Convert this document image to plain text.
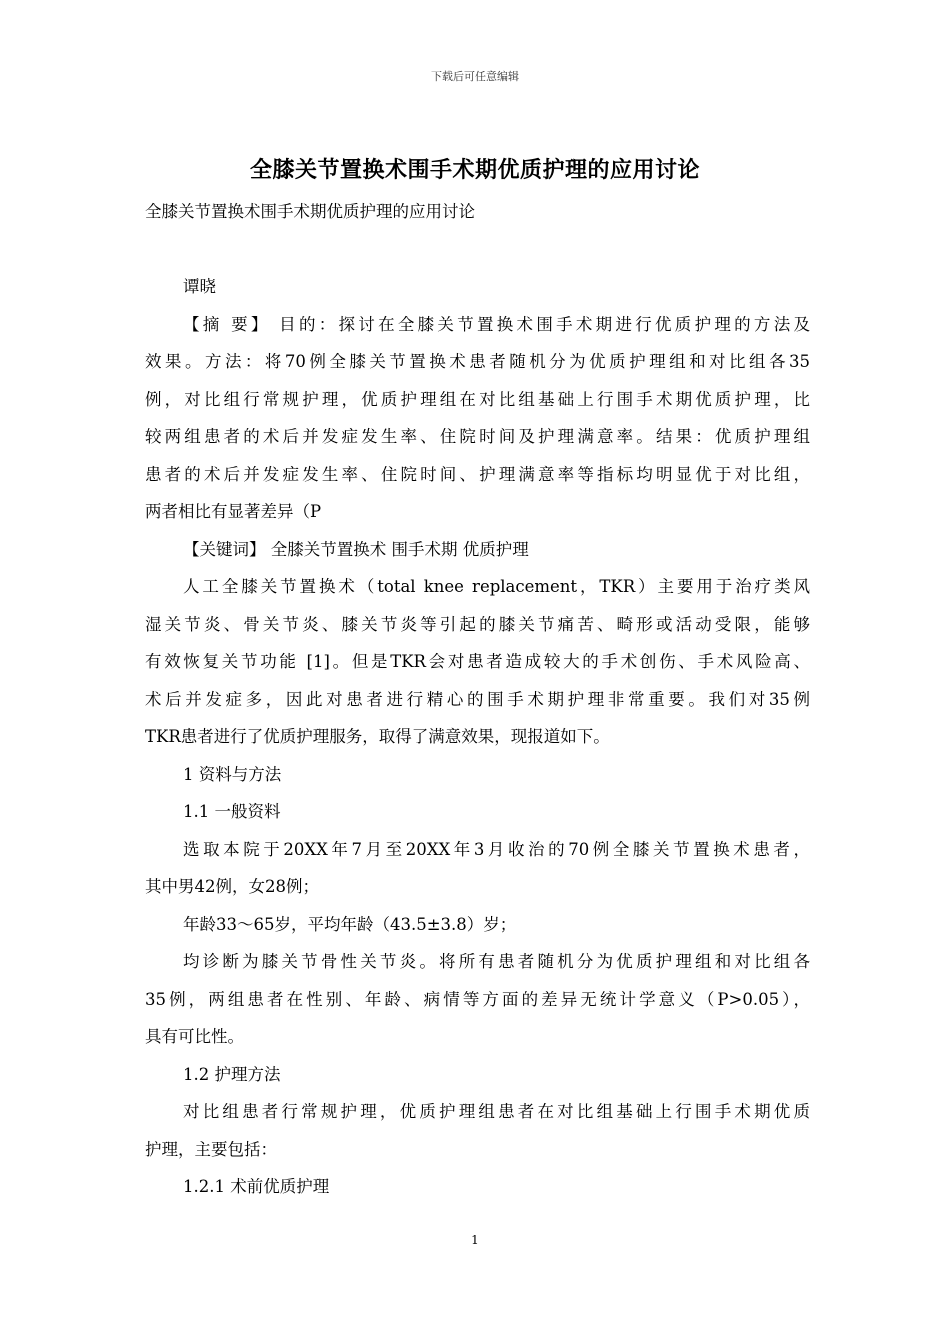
下载后可任意编辑
全膝关节置换术围手术期优质护理的应用讨论
全膝关节置换术围手术期优质护理的应用讨论
谭晓
【摘 要】 目的：探讨在全膝关节置换术围手术期进行优质护理的方法及
效果。方法：将70例全膝关节置换术患者随机分为优质护理组和对比组各35
例，对比组行常规护理，优质护理组在对比组基础上行围手术期优质护理，比
较两组患者的术后并发症发生率、住院时间及护理满意率。结果：优质护理组
患者的术后并发症发生率、住院时间、护理满意率等指标均明显优于对比组，
两者相比有显著差异（P
【关键词】 全膝关节置换术 围手术期 优质护理
人工全膝关节置换术（total knee replacement，TKR）主要用于治疗类风
湿关节炎、骨关节炎、膝关节炎等引起的膝关节痛苦、畸形或活动受限，能够
有效恢复关节功能 [1]。但是TKR会对患者造成较大的手术创伤、手术风险高、
术后并发症多，因此对患者进行精心的围手术期护理非常重要。我们对35例
TKR患者进行了优质护理服务，取得了满意效果，现报道如下。
1 资料与方法
1.1 一般资料
选取本院于20XX年7月至20XX年3月收治的70例全膝关节置换术患者，
其中男42例，女28例；
年龄33～65岁，平均年龄（43.5±3.8）岁；
均诊断为膝关节骨性关节炎。将所有患者随机分为优质护理组和对比组各
35例，两组患者在性别、年龄、病情等方面的差异无统计学意义（P>0.05），
具有可比性。
1.2 护理方法
对比组患者行常规护理，优质护理组患者在对比组基础上行围手术期优质
护理，主要包括：
1.2.1 术前优质护理
1
